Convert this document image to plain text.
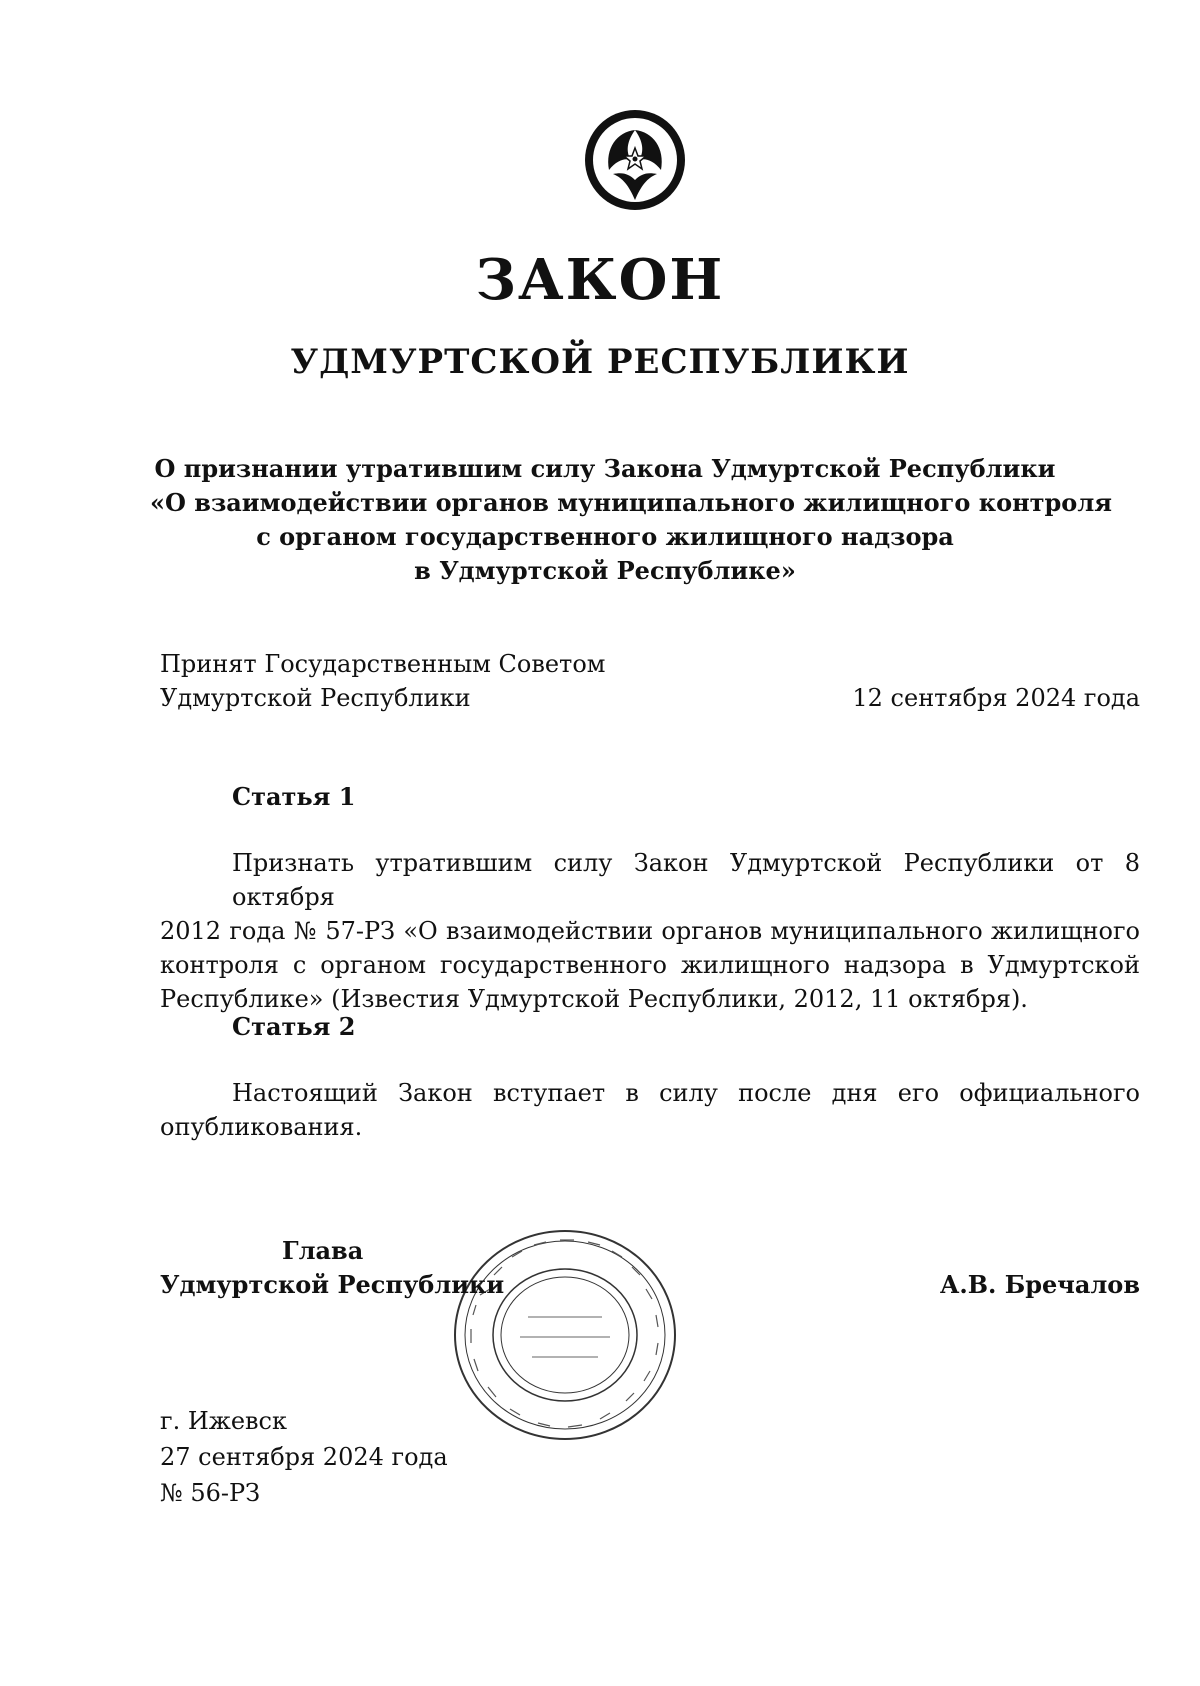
ЗАКОН
УДМУРТСКОЙ РЕСПУБЛИКИ
О признании утратившим силу Закона Удмуртской Республики
«О взаимодействии органов муниципального жилищного контроля
с органом государственного жилищного надзора
в Удмуртской Республике»
Принят Государственным Советом
Удмуртской Республики	12 сентября 2024 года
Статья 1
Признать утратившим силу Закон Удмуртской Республики от 8 октября
2012 года № 57-РЗ «О взаимодействии органов муниципального жилищного
контроля с органом государственного жилищного надзора в Удмуртской
Республике» (Известия Удмуртской Республики, 2012, 11 октября).
Статья 2
Настоящий Закон вступает в силу после дня его официального
опубликования.
Глава
Удмуртской Республики	А.В. Бречалов
г. Ижевск
27 сентября 2024 года
№ 56-РЗ
